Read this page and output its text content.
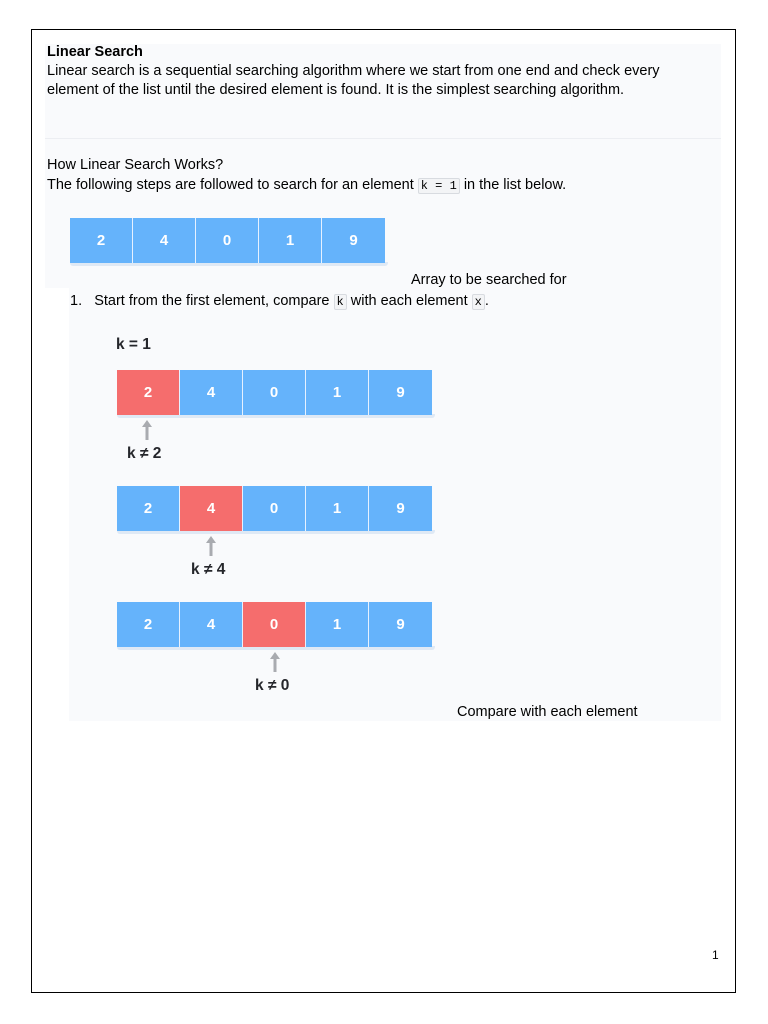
Linear Search
Linear search is a sequential searching algorithm where we start from one end and check every
element of the list until the desired element is found. It is the simplest searching algorithm.
How Linear Search Works?
The following steps are followed to search for an element k = 1 in the list below.
2	4	0	1	9
Array to be searched for
1. Start from the first element, compare k with each element x .
k = 1
2	4	0	1	9
k ≠ 2
2	4	0	1	9
k ≠ 4
2	4	0	1	9
k ≠ 0
Compare with each element
1
